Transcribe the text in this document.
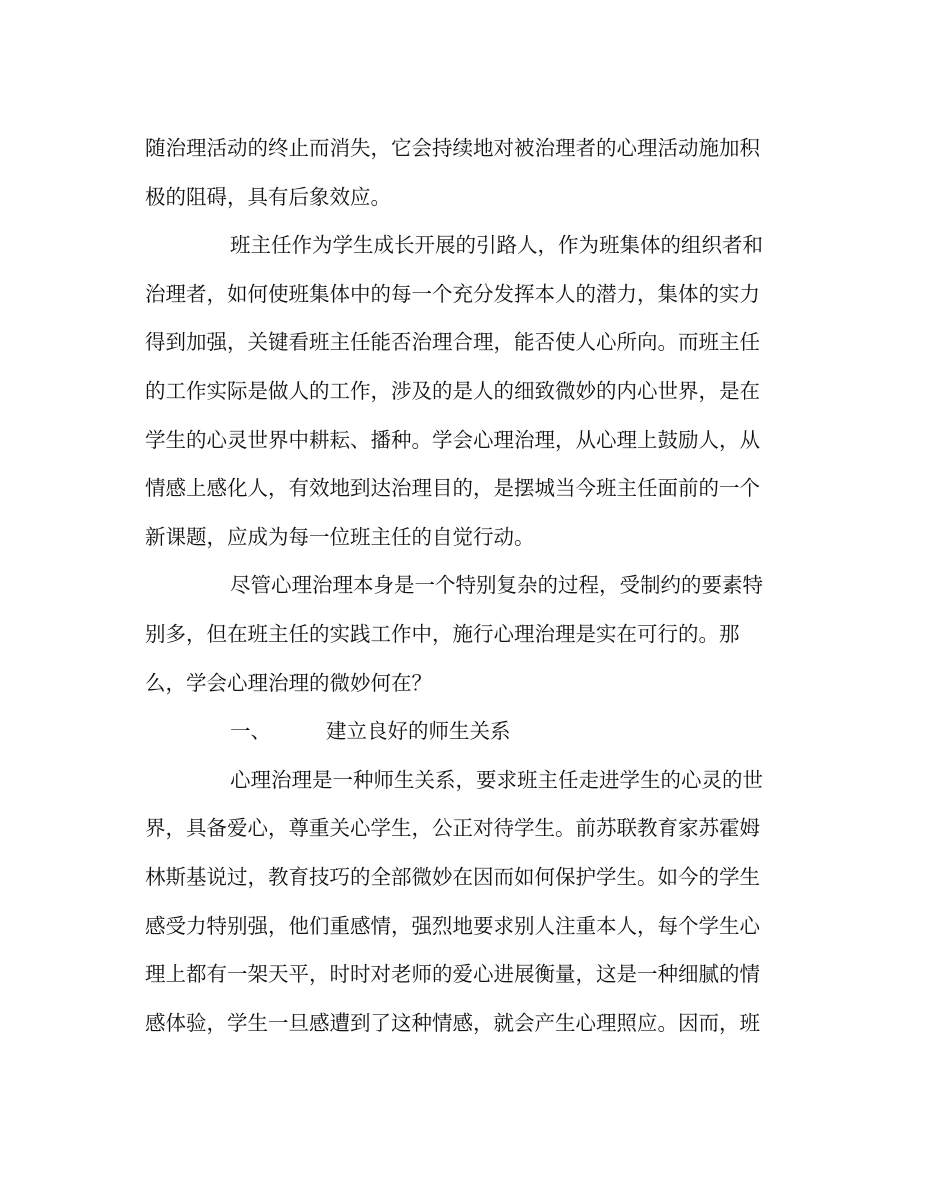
随治理活动的终止而消失，它会持续地对被治理者的心理活动施加积
极的阻碍，具有后象效应。
班主任作为学生成长开展的引路人，作为班集体的组织者和
治理者，如何使班集体中的每一个充分发挥本人的潜力，集体的实力
得到加强，关键看班主任能否治理合理，能否使人心所向。而班主任
的工作实际是做人的工作，涉及的是人的细致微妙的内心世界，是在
学生的心灵世界中耕耘、播种。学会心理治理，从心理上鼓励人，从
情感上感化人，有效地到达治理目的，是摆城当今班主任面前的一个
新课题，应成为每一位班主任的自觉行动。
尽管心理治理本身是一个特别复杂的过程，受制约的要素特
别多，但在班主任的实践工作中，施行心理治理是实在可行的。那
么，学会心理治理的微妙何在？
一、	建立良好的师生关系
心理治理是一种师生关系，要求班主任走进学生的心灵的世
界，具备爱心，尊重关心学生，公正对待学生。前苏联教育家苏霍姆
林斯基说过，教育技巧的全部微妙在因而如何保护学生。如今的学生
感受力特别强，他们重感情，强烈地要求别人注重本人，每个学生心
理上都有一架天平，时时对老师的爱心进展衡量，这是一种细腻的情
感体验，学生一旦感遭到了这种情感，就会产生心理照应。因而，班
